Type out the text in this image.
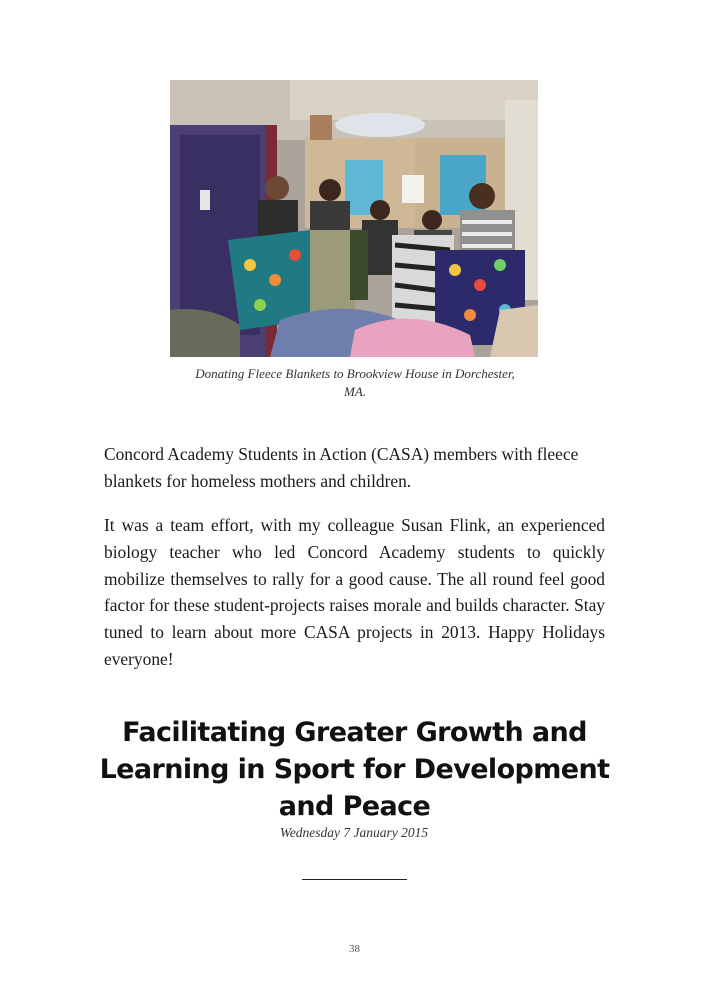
Donating Fleece Blankets to Brookview House in Dorchester,
MA.

Concord Academy Students in Action (CASA) members with fleece blankets for homeless mothers and children.

It was a team effort, with my colleague Susan Flink, an experienced biology teacher who led Concord Academy students to quickly mobilize themselves to rally for a good cause. The all round feel good factor for these student-projects raises morale and builds character. Stay tuned to learn about more CASA projects in 2013. Happy Holidays everyone!

Facilitating Greater Growth and
Learning in Sport for Development
and Peace
Wednesday 7 January 2015
38
